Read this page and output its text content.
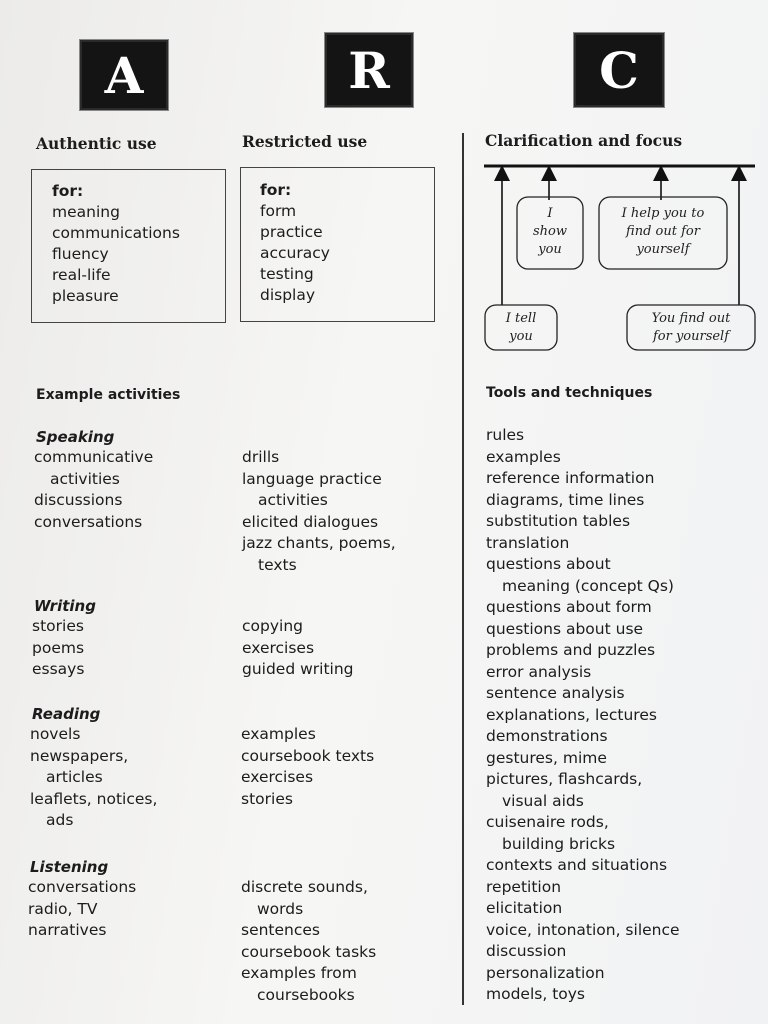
A	R	C
Authentic use	Restricted use	Clarification and focus
for:
meaning
communications
fluency
real-life
pleasure
for:
form
practice
accuracy
testing
display
I
show
you
I help you to
find out for
yourself
I tell
you
You find out
for yourself
Example activities	Tools and techniques
Speaking
communicative
activities
discussions
conversations
drills
language practice
activities
elicited dialogues
jazz chants, poems,
texts
Writing
stories
poems
essays
copying
exercises
guided writing
Reading
novels
newspapers,
articles
leaflets, notices,
ads
examples
coursebook texts
exercises
stories
Listening
conversations
radio, TV
narratives
discrete sounds,
words
sentences
coursebook tasks
examples from
coursebooks
rules
examples
reference information
diagrams, time lines
substitution tables
translation
questions about
meaning (concept Qs)
questions about form
questions about use
problems and puzzles
error analysis
sentence analysis
explanations, lectures
demonstrations
gestures, mime
pictures, flashcards,
visual aids
cuisenaire rods,
building bricks
contexts and situations
repetition
elicitation
voice, intonation, silence
discussion
personalization
models, toys
